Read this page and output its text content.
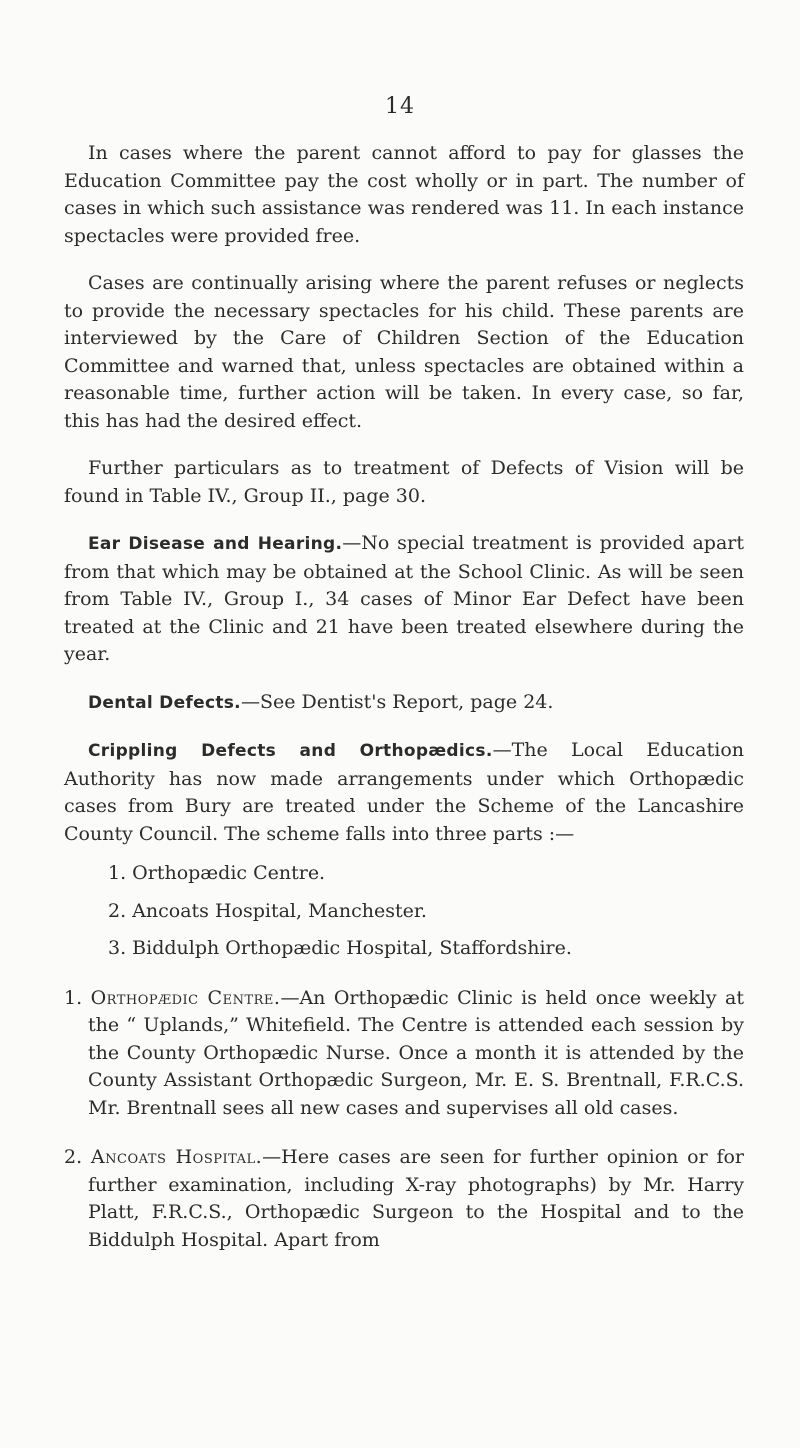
14

In cases where the parent cannot afford to pay for glasses the Education Committee pay the cost wholly or in part. The number of cases in which such assistance was rendered was 11. In each instance spectacles were provided free.

Cases are continually arising where the parent refuses or neglects to provide the necessary spectacles for his child. These parents are interviewed by the Care of Children Section of the Education Committee and warned that, unless spectacles are obtained within a reasonable time, further action will be taken. In every case, so far, this has had the desired effect.

Further particulars as to treatment of Defects of Vision will be found in Table IV., Group II., page 30.

Ear Disease and Hearing.—No special treatment is provided apart from that which may be obtained at the School Clinic. As will be seen from Table IV., Group I., 34 cases of Minor Ear Defect have been treated at the Clinic and 21 have been treated elsewhere during the year.

Dental Defects.—See Dentist's Report, page 24.

Crippling Defects and Orthopædics.—The Local Education Authority has now made arrangements under which Orthopædic cases from Bury are treated under the Scheme of the Lancashire County Council. The scheme falls into three parts :—

1. Orthopædic Centre.
2. Ancoats Hospital, Manchester.
3. Biddulph Orthopædic Hospital, Staffordshire.

1. Orthopædic Centre.—An Orthopædic Clinic is held once weekly at the “ Uplands,” Whitefield. The Centre is attended each session by the County Orthopædic Nurse. Once a month it is attended by the County Assistant Orthopædic Surgeon, Mr. E. S. Brentnall, F.R.C.S. Mr. Brentnall sees all new cases and supervises all old cases.

2. Ancoats Hospital.—Here cases are seen for further opinion or for further examination, including X-ray photographs) by Mr. Harry Platt, F.R.C.S., Orthopædic Surgeon to the Hospital and to the Biddulph Hospital. Apart from
